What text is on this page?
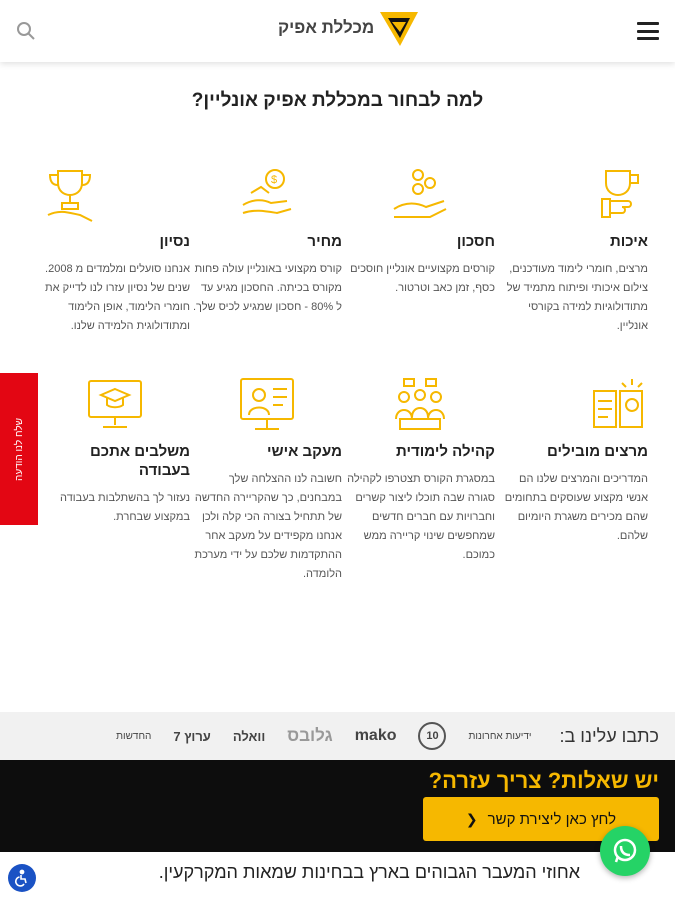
מכללת אפיק
למה לבחור במכללת אפיק אונליין?
נסיון

אנחנו סועלים ומלמדים מ 2008. שנים של נסיון עזרו לנו לדייק את חומרי הלימוד, אופן הלימוד ומתודולוגית הלמידה שלנו.

$
מחיר

קורס מקצועי באונליין עולה פחות מקורס בכיתה. החסכון מגיע עד ל 80% - חסכון שמגיע לכיס שלך.

חסכון

קורסים מקצועיים אונליין חוסכים כסף, זמן כאב וטרטור.

איכות

מרצים, חומרי לימוד מעודכנים, צילום איכותי ופיתוח מתמיד של מתודולוגיות למידה בקורסי אונליין.

משלבים אתכם בעבודה

נעזור לך בהשתלבות בעבודה במקצוע שבחרת.

מעקב אישי

חשובה לנו ההצלחה שלך במבחנים, כך שהקריירה החדשה של תתחיל בצורה הכי קלה ולכן אנחנו מקפידים על מעקב אחר ההתקדמות שלכם על ידי מערכת הלומדה.

קהילה לימודית

במסגרת הקורס תצטרפו לקהילה סגורה שבה תוכלו ליצור קשרים וחברויות עם חברים חדשים שמחפשים שינוי קריירה ממש כמוכם.

מרצים מובילים

המדריכים והמרצים שלנו הם אנשי מקצוע שעוסקים בתחומים שהם מכירים משגרת היומיום שלהם.

שלח לנו הודעה
כתבו עלינו ב:
ידיעות אחרונות
10
mako
גלובס
וואלה
ערוץ 7
החדשות
יש שאלות? צריך עזרה?
לחץ כאן ליצירת קשר
❮
אחוזי המעבר הגבוהים בארץ בבחינות שמאות המקרקעין.
